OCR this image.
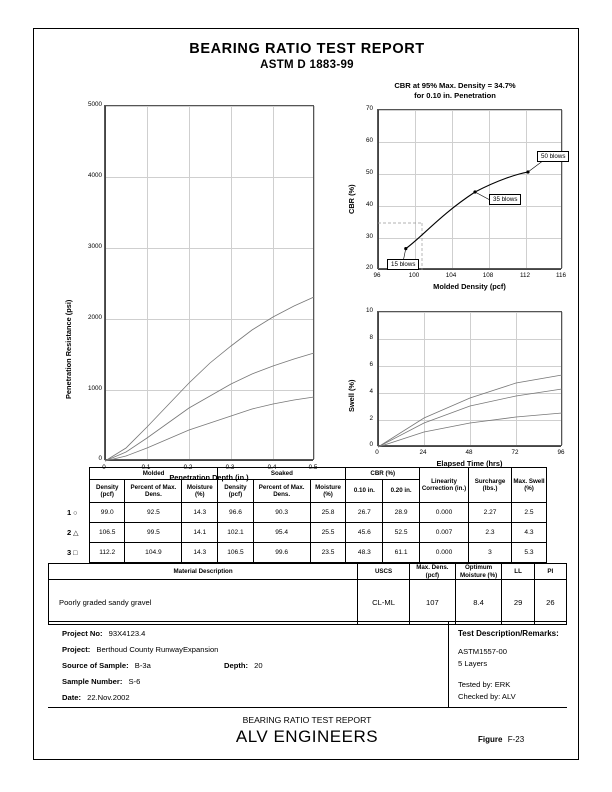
BEARING RATIO TEST REPORT
ASTM D 1883-99
5000
4000
3000
2000
1000
0
0	0.1	0.2	0.3	0.4	0.5
Penetration Depth (in.)
Penetration Resistance (psi)
CBR at 95% Max. Density = 34.7%
for 0.10 in. Penetration
70
60
50
40
30
20
96	100	104	108	112	116
Molded Density (pcf)
CBR (%)
50 blows
35 blows
15 blows
10
8
6
4
2
0
0	24	48	72	96
Elapsed Time (hrs)
Swell (%)
	Molded			Soaked			CBR (%)		Linearity Correction (in.)	Surcharge (lbs.)	Max. Swell (%)
	Density (pcf)	Percent of Max. Dens.	Moisture (%)	Density (pcf)	Percent of Max. Dens.	Moisture (%)	0.10 in.	0.20 in.			
1 ○	99.0	92.5	14.3	96.6	90.3	25.8	26.7	28.9	0.000	2.27	2.5
2 △	106.5	99.5	14.1	102.1	95.4	25.5	45.6	52.5	0.007	2.3	4.3
3 □	112.2	104.9	14.3	106.5	99.6	23.5	48.3	61.1	0.000	3	5.3
Material Description	USCS	Max. Dens. (pcf)	Optimum Moisture (%)	LL	PI
Poorly graded sandy gravel	CL-ML	107	8.4	29	26
Project No: 93X4123.4
Project: Berthoud County RunwayExpansion
Source of Sample: B-3a	Depth: 20
Sample Number: S-6
Date: 22.Nov.2002
Test Description/Remarks:
ASTM1557-00
5 Layers
Tested by: ERK
Checked by: ALV
BEARING RATIO TEST REPORT
ALV ENGINEERS	Figure F-23
